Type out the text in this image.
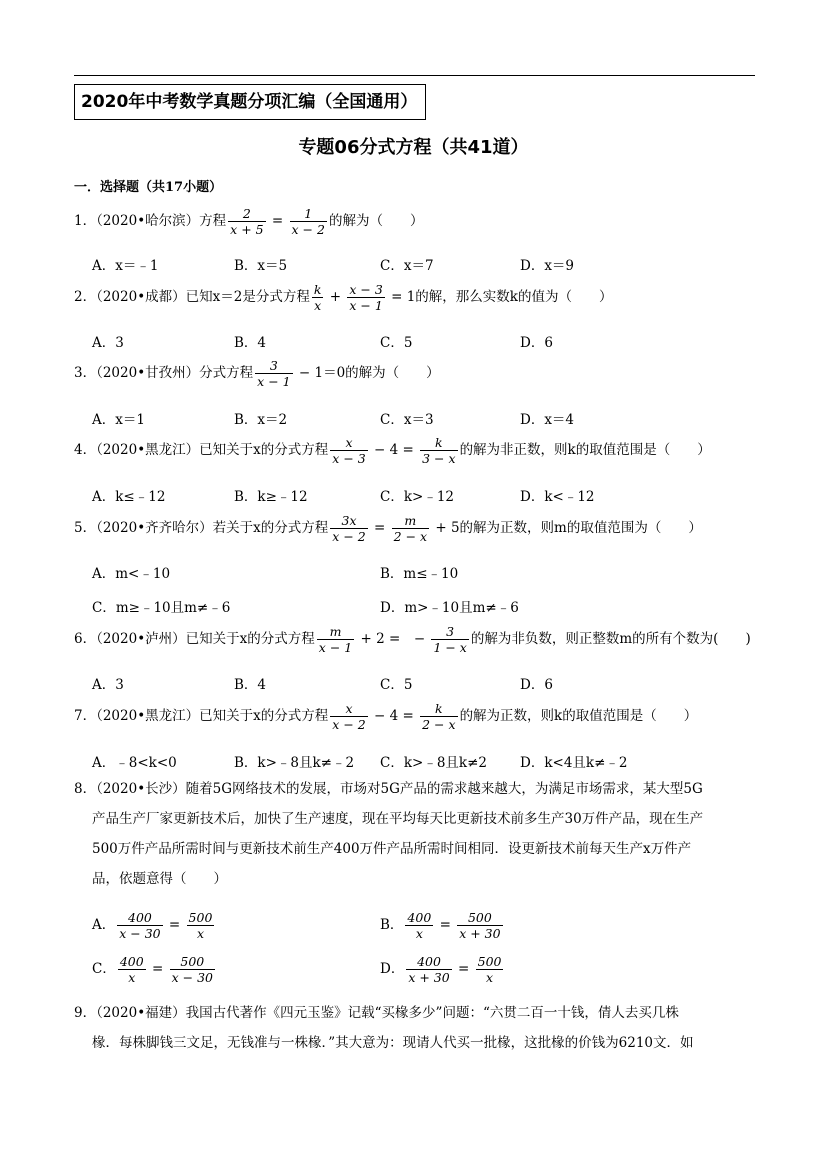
2020年中考数学真题分项汇编（全国通用）
专题06分式方程（共41道）
一．选择题（共17小题）
1．（2020•哈尔滨）方程 $\frac{2}{x + 5} = \frac{1}{x - 2}$ 的解为（　　）
A．x＝﹣1	B．x＝5	C．x＝7	D．x＝9
2．（2020•成都）已知x＝2是分式方程 $\frac{k}{x} + \frac{x - 3}{x - 1} = 1$的解，那么实数k的值为（　　）
A．3	B．4	C．5	D．6
3．（2020•甘孜州）分式方程 $\frac{3}{x - 1} - 1=0$的解为（　　）
A．x＝1	B．x＝2	C．x＝3	D．x＝4
4．（2020•黑龙江）已知关于x的分式方程 $\frac{x}{x - 3} - 4 = \frac{k}{3 - x}$ 的解为非正数，则k的取值范围是（　　）
A．k≤﹣12	B．k≥﹣12	C．k>﹣12	D．k<﹣12
5．（2020•齐齐哈尔）若关于x的分式方程 $\frac{3x}{x - 2} = \frac{m}{2 - x} + 5$的解为正数，则m的取值范围为（　　）
A．m<﹣10	B．m≤﹣10
C．m≥﹣10且m≠﹣6	D．m>﹣10且m≠﹣6
6．（2020•泸州）已知关于x的分式方程 $\frac{m}{x - 1} + 2$ =　− $\frac{3}{1 - x}$ 的解为非负数，则正整数m的所有个数为(　　)
A．3	B．4	C．5	D．6
7．（2020•黑龙江）已知关于x的分式方程 $\frac{x}{x - 2} - 4 = \frac{k}{2 - x}$ 的解为正数，则k的取值范围是（　　）
A．﹣8<k<0	B．k>﹣8且k≠﹣2 C．k>﹣8且k≠2 D．k<4且k≠﹣2
8．（2020•长沙）随着5G网络技术的发展，市场对5G产品的需求越来越大，为满足市场需求，某大型5G
产品生产厂家更新技术后，加快了生产速度，现在平均每天比更新技术前多生产30万件产品，现在生产
500万件产品所需时间与更新技术前生产400万件产品所需时间相同．设更新技术前每天生产x万件产
品，依题意得（　　）
A． $\frac{400}{x - 30} = \frac{500}{x}$	B． $\frac{400}{x} = \frac{500}{x + 30}$
C． $\frac{400}{x} = \frac{500}{x - 30}$	D． $\frac{400}{x + 30} = \frac{500}{x}$
9．（2020•福建）我国古代著作《四元玉鉴》记载“买椽多少”问题：“六贯二百一十钱，倩人去买几株
椽．每株脚钱三文足，无钱准与一株椽．”其大意为：现请人代买一批椽，这批椽的价钱为6210文．如
